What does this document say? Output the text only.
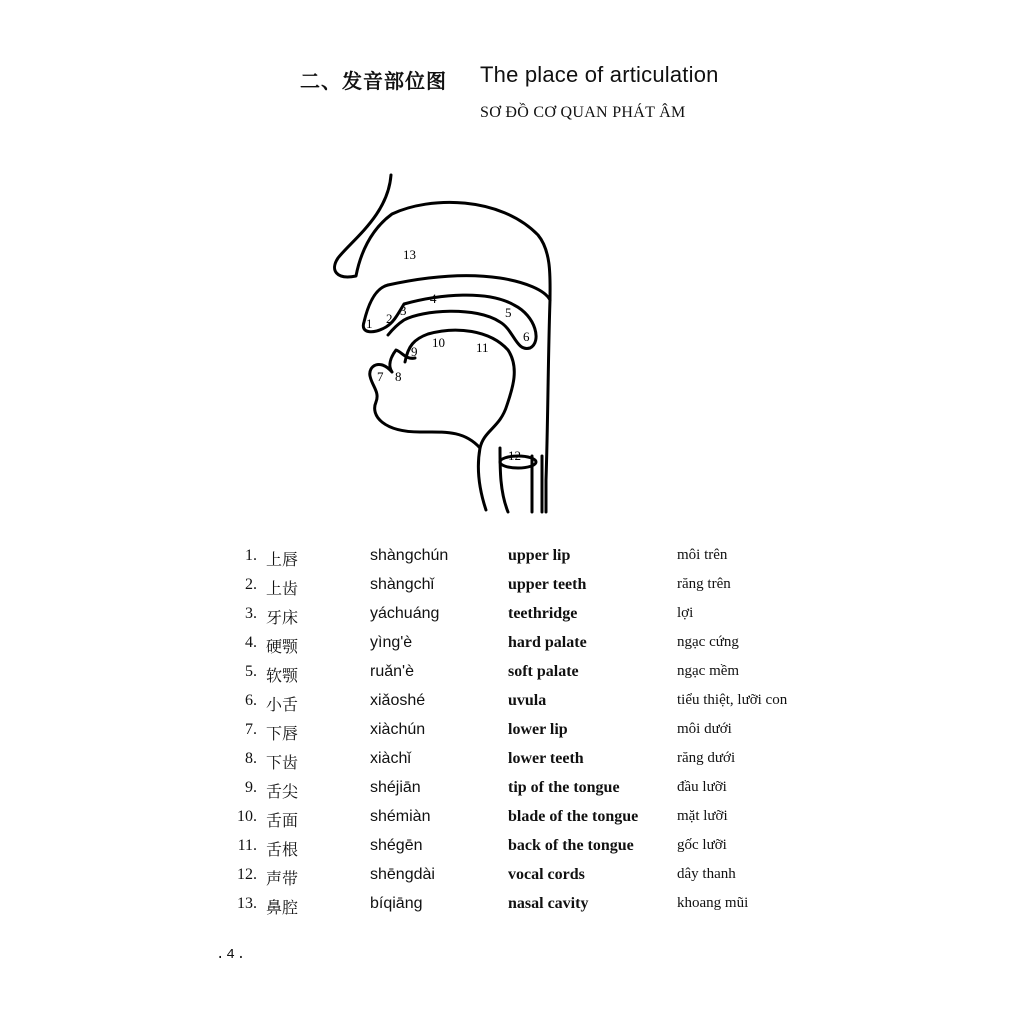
二、发音部位图 The place of articulation
SƠ ĐỒ CƠ QUAN PHÁT ÂM
13
1 2
3
4
5
6
9
10 11
7 8
12
1. 上唇	shàngchún	upper lip	môi trên
2. 上齿	shàngchǐ	upper teeth	răng trên
3. 牙床	yáchuáng	teethridge	lợi
4. 硬颚	yìng'è	hard palate	ngạc cứng
5. 软颚	ruǎn'è	soft palate	ngạc mềm
6. 小舌	xiǎoshé	uvula	tiểu thiệt, lưỡi con
7. 下唇	xiàchún	lower lip	môi dưới
8. 下齿	xiàchǐ	lower teeth	răng dưới
9. 舌尖	shéjiān	tip of the tongue	đầu lưỡi
10. 舌面	shémiàn	blade of the tongue	mặt lưỡi
11. 舌根	shégēn	back of the tongue	gốc lưỡi
12. 声带	shēngdài	vocal cords	dây thanh
13. 鼻腔	bíqiāng	nasal cavity	khoang mũi
.4.
